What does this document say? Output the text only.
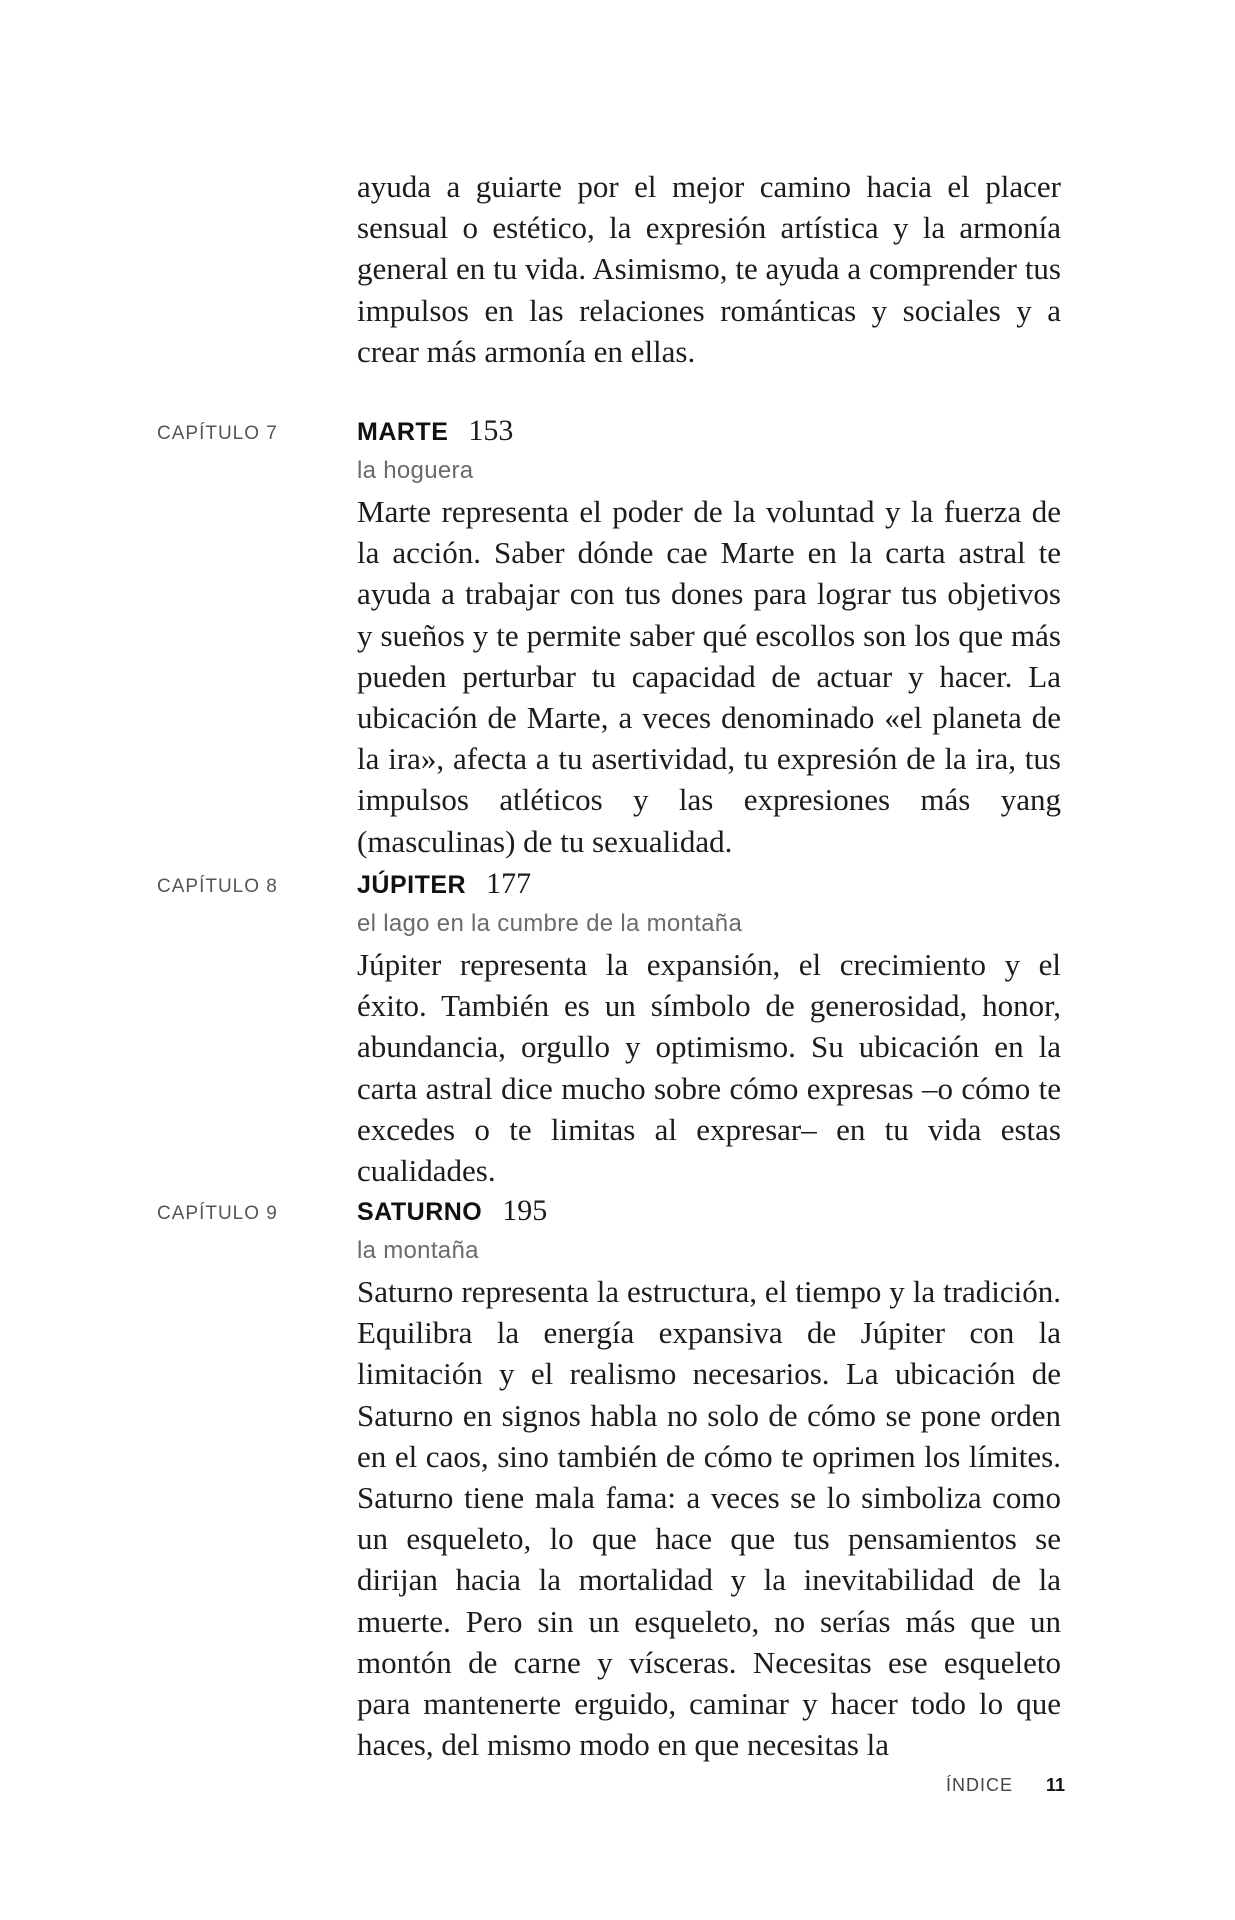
ayuda a guiarte por el mejor camino hacia el placer sensual o estético, la expresión artística y la armonía general en tu vida. Asimismo, te ayuda a comprender tus impulsos en las relaciones románticas y sociales y a crear más armonía en ellas.

CAPÍTULO 7	MARTE 153
la hoguera

Marte representa el poder de la voluntad y la fuerza de la acción. Saber dónde cae Marte en la carta astral te ayuda a trabajar con tus dones para lograr tus objetivos y sueños y te permite saber qué escollos son los que más pueden perturbar tu capacidad de actuar y hacer. La ubicación de Marte, a veces denominado «el planeta de la ira», afecta a tu asertividad, tu expresión de la ira, tus impulsos atléticos y las expresiones más yang (masculinas) de tu sexualidad.

CAPÍTULO 8	JÚPITER 177
el lago en la cumbre de la montaña

Júpiter representa la expansión, el crecimiento y el éxito. También es un símbolo de generosidad, honor, abundancia, orgullo y optimismo. Su ubicación en la carta astral dice mucho sobre cómo expresas –o cómo te excedes o te limitas al expresar– en tu vida estas cualidades.

CAPÍTULO 9	SATURNO 195
la montaña

Saturno representa la estructura, el tiempo y la tradición. Equilibra la energía expansiva de Júpiter con la limitación y el realismo necesarios. La ubicación de Saturno en signos habla no solo de cómo se pone orden en el caos, sino también de cómo te oprimen los límites. Saturno tiene mala fama: a veces se lo simboliza como un esqueleto, lo que hace que tus pensamientos se dirijan hacia la mortalidad y la inevitabilidad de la muerte. Pero sin un esqueleto, no serías más que un montón de carne y vísceras. Necesitas ese esqueleto para mantenerte erguido, caminar y hacer todo lo que haces, del mismo modo en que necesitas la

ÍNDICE 11
